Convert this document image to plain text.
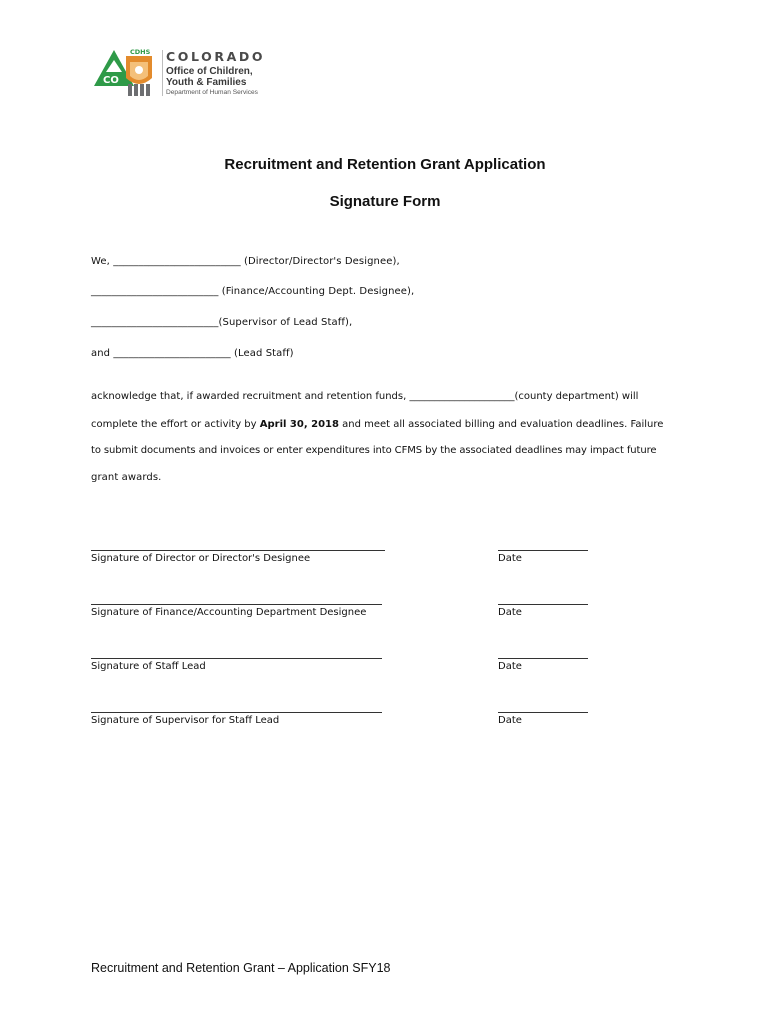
CDHS
CO
COLORADO
Office of Children,
Youth & Families
Department of Human Services
Recruitment and Retention Grant Application
Signature Form
We, _________________________ (Director/Director's Designee),
_________________________ (Finance/Accounting Dept. Designee),
_________________________(Supervisor of Lead Staff),
and _______________________ (Lead Staff)
acknowledge that, if awarded recruitment and retention funds, _____________________(county department) will
complete the effort or activity by April 30, 2018 and meet all associated billing and evaluation deadlines. Failure
to submit documents and invoices or enter expenditures into CFMS by the associated deadlines may impact future
grant awards.
Signature of Director or Director's Designee	Date
Signature of Finance/Accounting Department Designee	Date
Signature of Staff Lead	Date
Signature of Supervisor for Staff Lead	Date
Recruitment and Retention Grant – Application SFY18
